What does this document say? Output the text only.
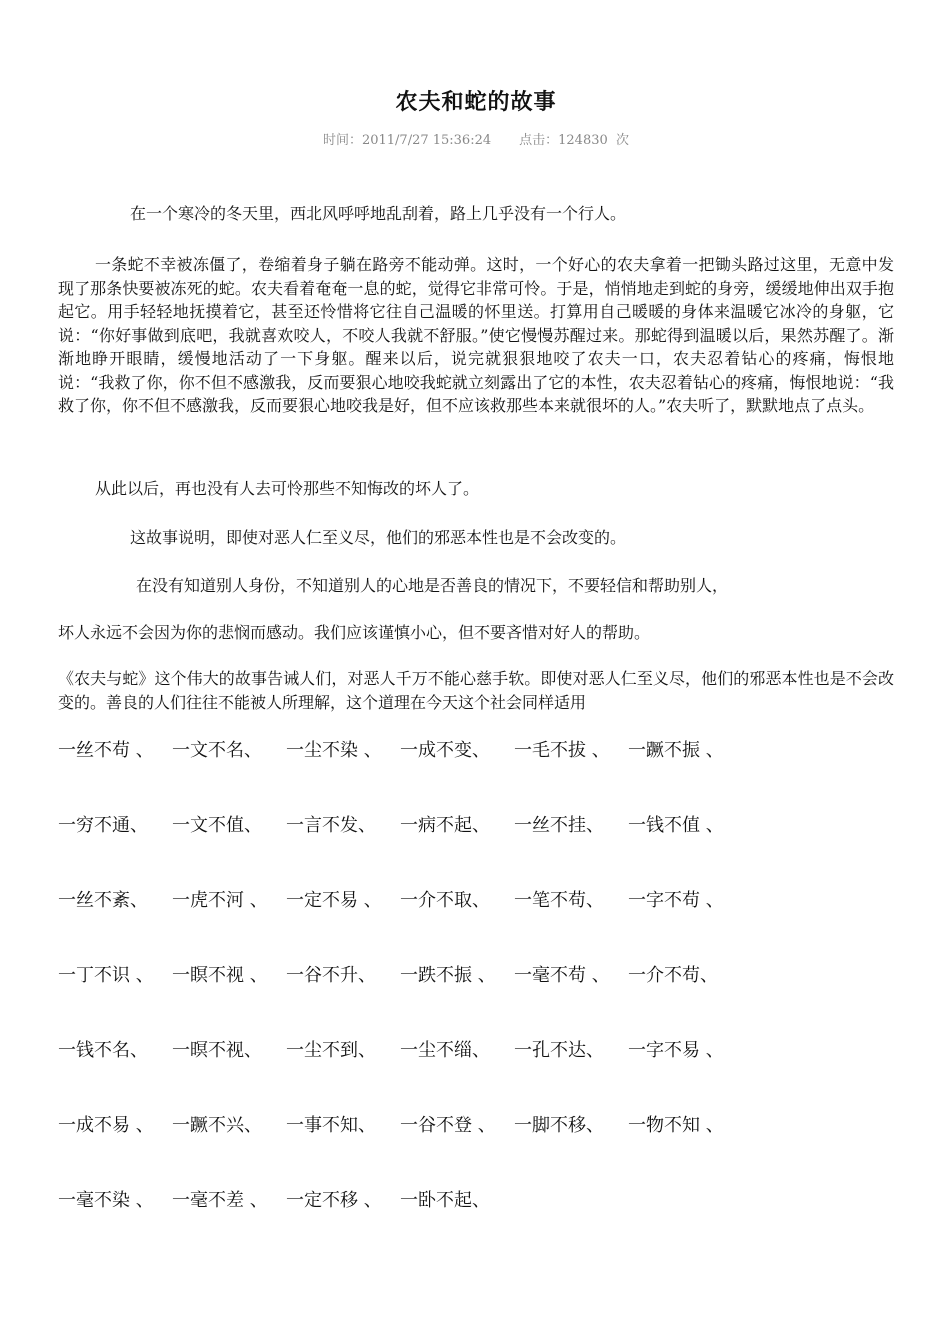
农夫和蛇的故事
时间：2011/7/27 15:36:24 点击：124830  次

在一个寒冷的冬天里，西北风呼呼地乱刮着，路上几乎没有一个行人。

一条蛇不幸被冻僵了，卷缩着身子躺在路旁不能动弹。这时，一个好心的农夫拿着一把锄头路过这里，无意中发现了那条快要被冻死的蛇。农夫看着奄奄一息的蛇，觉得它非常可怜。于是，悄悄地走到蛇的身旁，缓缓地伸出双手抱起它。用手轻轻地抚摸着它，甚至还怜惜将它往自己温暖的怀里送。打算用自己暖暖的身体来温暖它冰冷的身躯，它说：“你好事做到底吧，我就喜欢咬人，不咬人我就不舒服。”使它慢慢苏醒过来。那蛇得到温暖以后，果然苏醒了。渐渐地睁开眼睛，缓慢地活动了一下身躯。醒来以后，说完就狠狠地咬了农夫一口，农夫忍着钻心的疼痛，悔恨地说：“我救了你，你不但不感激我，反而要狠心地咬我蛇就立刻露出了它的本性，农夫忍着钻心的疼痛，悔恨地说：“我救了你，你不但不感激我，反而要狠心地咬我是好，但不应该救那些本来就很坏的人。”农夫听了，默默地点了点头。

从此以后，再也没有人去可怜那些不知悔改的坏人了。

这故事说明，即使对恶人仁至义尽，他们的邪恶本性也是不会改变的。

在没有知道别人身份，不知道别人的心地是否善良的情况下，不要轻信和帮助别人，

坏人永远不会因为你的悲悯而感动。我们应该谨慎小心，但不要吝惜对好人的帮助。

《农夫与蛇》这个伟大的故事告诫人们，对恶人千万不能心慈手软。即使对恶人仁至义尽，他们的邪恶本性也是不会改变的。善良的人们往往不能被人所理解，这个道理在今天这个社会同样适用

一丝不苟 、 一文不名、 一尘不染 、 一成不变、 一毛不拔 、 一蹶不振 、
一穷不通、 一文不值、 一言不发、 一病不起、 一丝不挂、 一钱不值 、
一丝不紊、 一虎不河 、 一定不易 、 一介不取、 一笔不苟、 一字不苟 、
一丁不识 、 一瞑不视 、 一谷不升、 一跌不振 、 一毫不苟 、 一介不苟、
一钱不名、 一暝不视、 一尘不到、 一尘不缁、 一孔不达、 一字不易 、
一成不易 、 一蹶不兴、 一事不知、 一谷不登 、 一脚不移、 一物不知 、
一毫不染 、 一毫不差 、 一定不移 、 一卧不起、
